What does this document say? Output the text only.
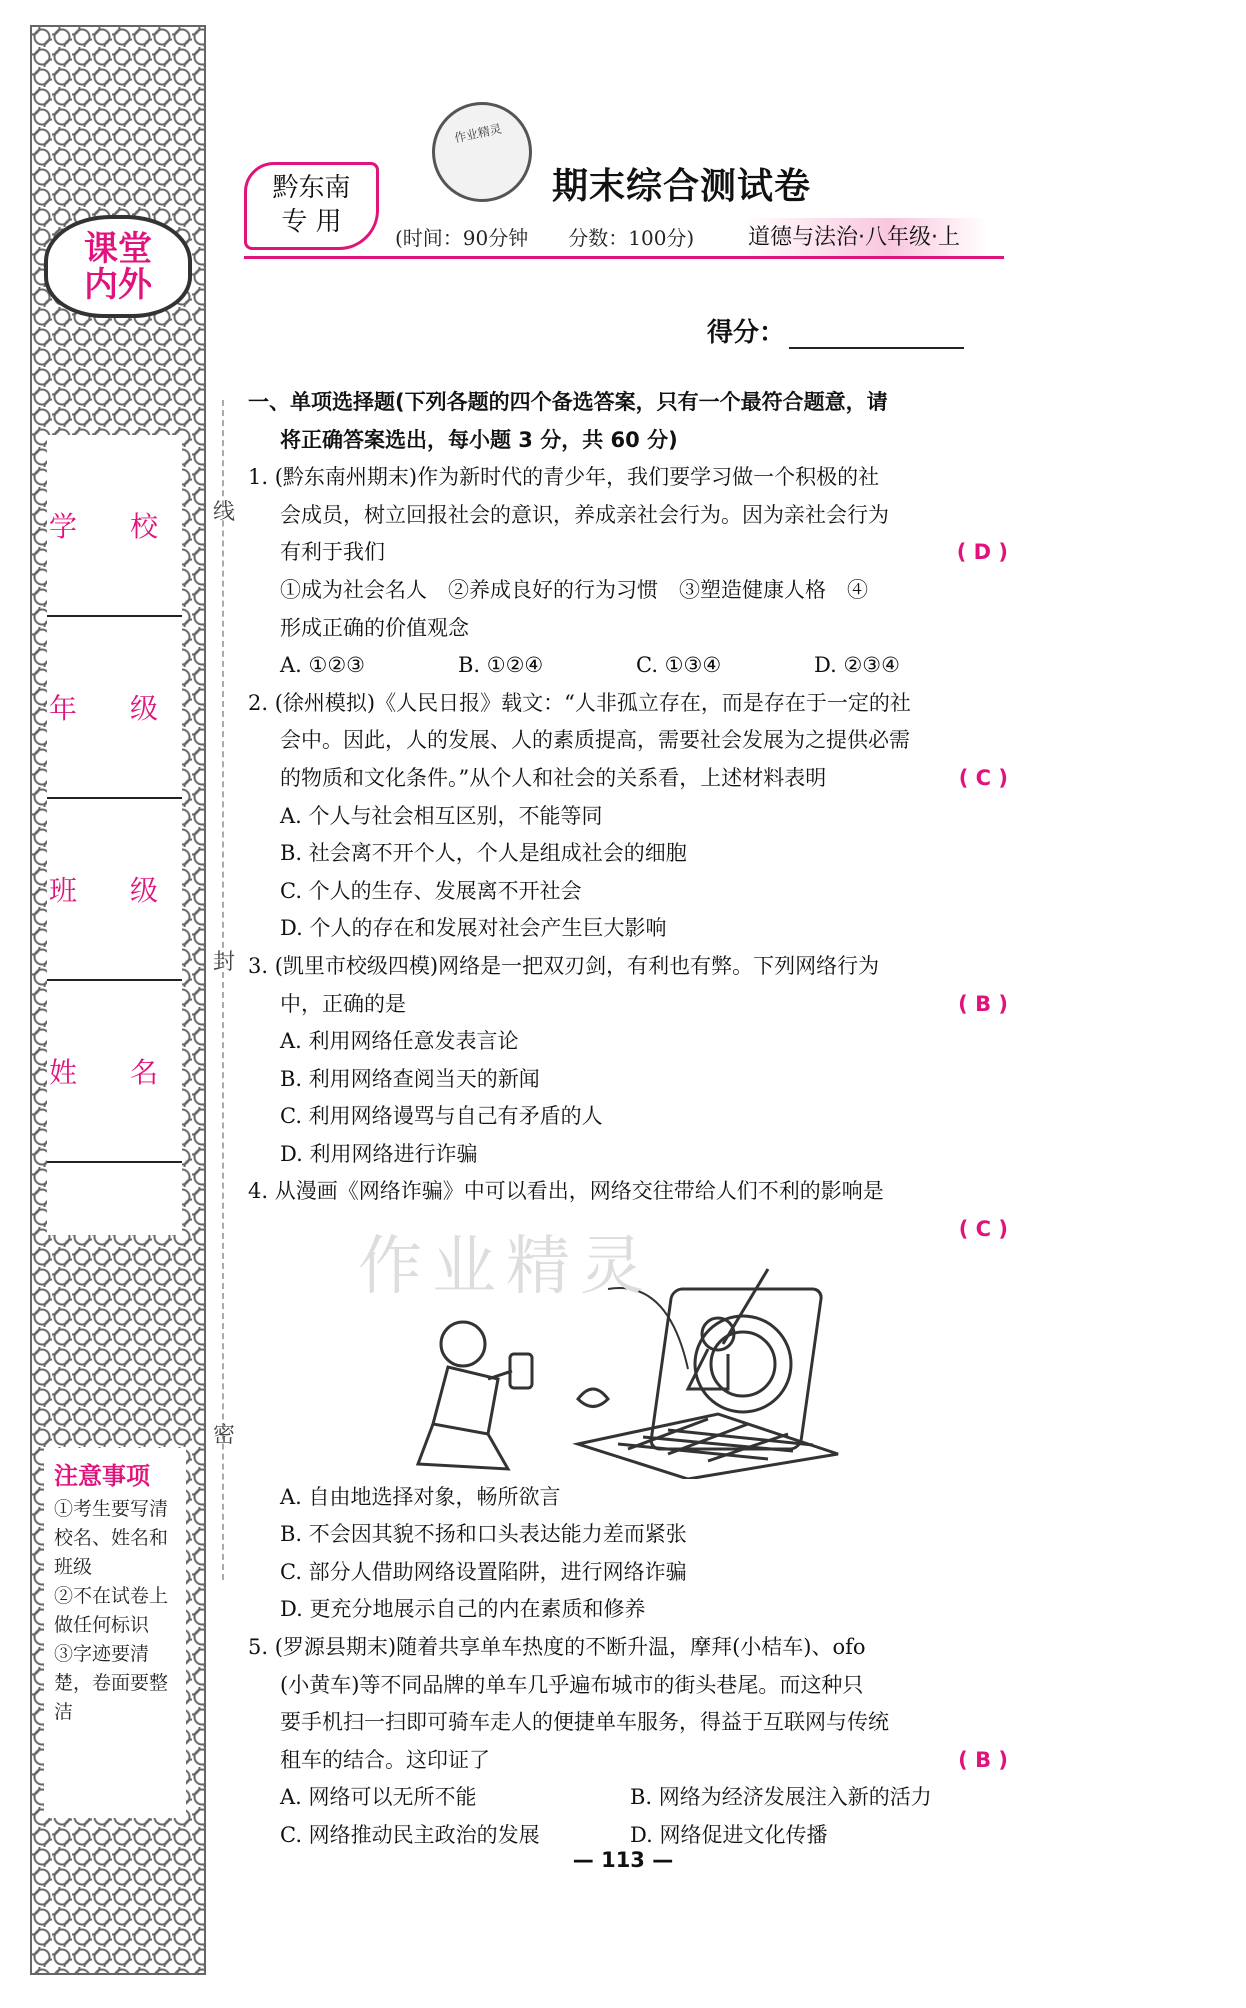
课堂内外
学 校
年 级
班 级
姓 名
注意事项
①考生要写清校名、姓名和班级
②不在试卷上做任何标识
③字迹要清楚，卷面要整洁
线
封
密
黔东南
专 用
作业精灵
期末综合测试卷
(时间：90分钟　　分数：100分) 道德与法治·八年级·上
得分：
一、单项选择题(下列各题的四个备选答案，只有一个最符合题意，请
将正确答案选出，每小题 3 分，共 60 分)
1. (黔东南州期末)作为新时代的青少年，我们要学习做一个积极的社
会成员，树立回报社会的意识，养成亲社会行为。因为亲社会行为
有利于我们	( D )
①成为社会名人　②养成良好的行为习惯　③塑造健康人格　④
形成正确的价值观念
A. ①②③	B. ①②④	C. ①③④	D. ②③④
2. (徐州模拟)《人民日报》载文：“人非孤立存在，而是存在于一定的社
会中。因此，人的发展、人的素质提高，需要社会发展为之提供必需
的物质和文化条件。”从个人和社会的关系看，上述材料表明	( C )
A. 个人与社会相互区别，不能等同
B. 社会离不开个人，个人是组成社会的细胞
C. 个人的生存、发展离不开社会
D. 个人的存在和发展对社会产生巨大影响
3. (凯里市校级四模)网络是一把双刃剑，有利也有弊。下列网络行为
中，正确的是	( B )
A. 利用网络任意发表言论
B. 利用网络查阅当天的新闻
C. 利用网络谩骂与自己有矛盾的人
D. 利用网络进行诈骗
4. 从漫画《网络诈骗》中可以看出，网络交往带给人们不利的影响是
( C )
作业精灵
A. 自由地选择对象，畅所欲言
B. 不会因其貌不扬和口头表达能力差而紧张
C. 部分人借助网络设置陷阱，进行网络诈骗
D. 更充分地展示自己的内在素质和修养
5. (罗源县期末)随着共享单车热度的不断升温，摩拜(小桔车)、ofo
(小黄车)等不同品牌的单车几乎遍布城市的街头巷尾。而这种只
要手机扫一扫即可骑车走人的便捷单车服务，得益于互联网与传统
租车的结合。这印证了	( B )
A. 网络可以无所不能	B. 网络为经济发展注入新的活力
C. 网络推动民主政治的发展	D. 网络促进文化传播
— 113 —
